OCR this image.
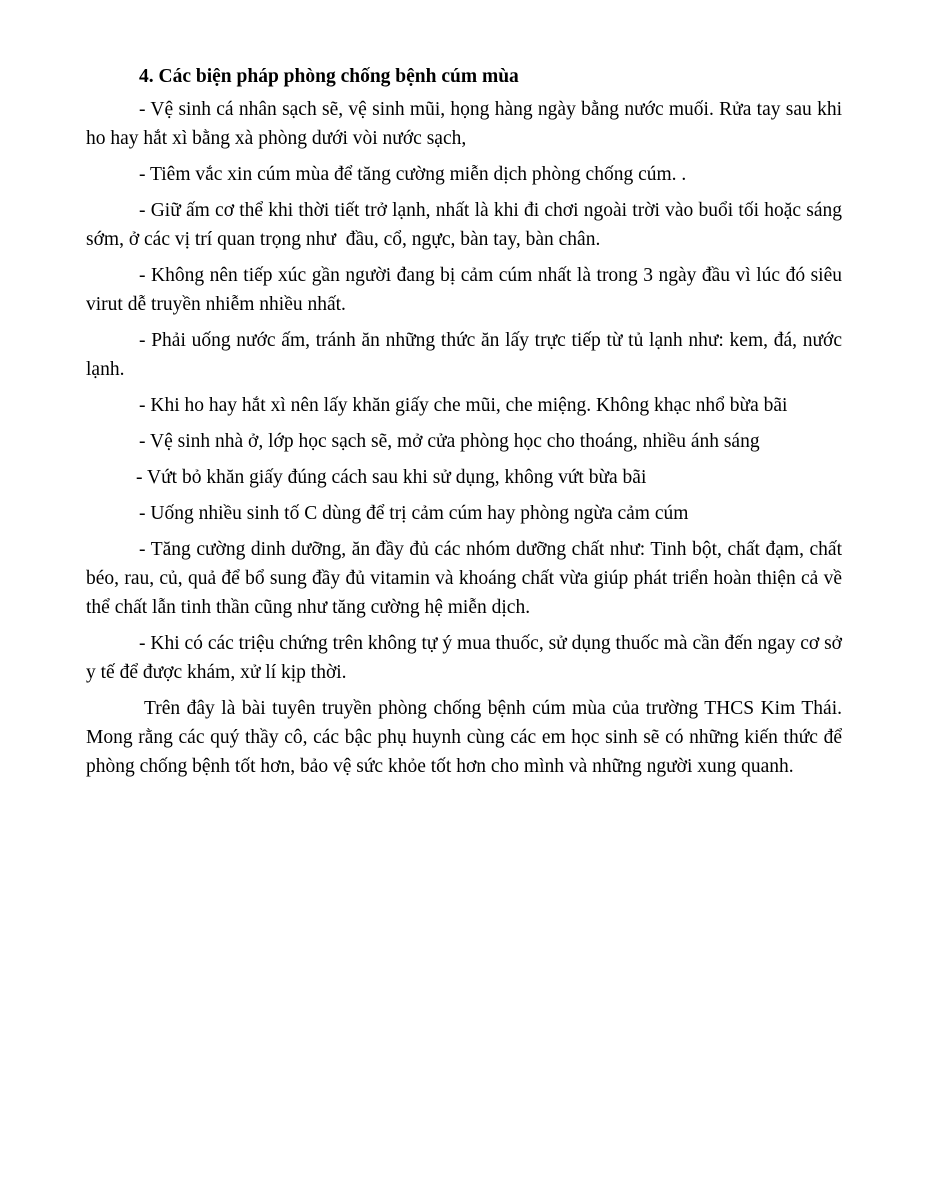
4. Các biện pháp phòng chống bệnh cúm mùa

- Vệ sinh cá nhân sạch sẽ, vệ sinh mũi, họng hàng ngày bằng nước muối. Rửa tay sau khi ho hay hắt xì bằng xà phòng dưới vòi nước sạch,

- Tiêm vắc xin cúm mùa để tăng cường miễn dịch phòng chống cúm. .

- Giữ ấm cơ thể khi thời tiết trở lạnh, nhất là khi đi chơi ngoài trời vào buổi tối hoặc sáng sớm, ở các vị trí quan trọng như  đầu, cổ, ngực, bàn tay, bàn chân.

- Không nên tiếp xúc gần người đang bị cảm cúm nhất là trong 3 ngày đầu vì lúc đó siêu virut dễ truyền nhiễm nhiều nhất.

- Phải uống nước ấm, tránh ăn những thức ăn lấy trực tiếp từ tủ lạnh như: kem, đá, nước lạnh.

- Khi ho hay hắt xì nên lấy khăn giấy che mũi, che miệng. Không khạc nhổ bừa bãi

- Vệ sinh nhà ở, lớp học sạch sẽ, mở cửa phòng học cho thoáng, nhiều ánh sáng

- Vứt bỏ khăn giấy đúng cách sau khi sử dụng, không vứt bừa bãi

- Uống nhiều sinh tố C dùng để trị cảm cúm hay phòng ngừa cảm cúm

- Tăng cường dinh dưỡng, ăn đầy đủ các nhóm dưỡng chất như: Tinh bột, chất đạm, chất béo, rau, củ, quả để bổ sung đầy đủ vitamin và khoáng chất vừa giúp phát triển hoàn thiện cả về thể chất lẫn tinh thần cũng như tăng cường hệ miễn dịch.

- Khi có các triệu chứng trên không tự ý mua thuốc, sử dụng thuốc mà cần đến ngay cơ sở y tế để được khám, xử lí kịp thời.

Trên đây là bài tuyên truyền phòng chống bệnh cúm mùa của trường THCS Kim Thái. Mong rằng các quý thầy cô, các bậc phụ huynh cùng các em học sinh sẽ có những kiến thức để phòng chống bệnh tốt hơn, bảo vệ sức khỏe tốt hơn cho mình và những người xung quanh.
